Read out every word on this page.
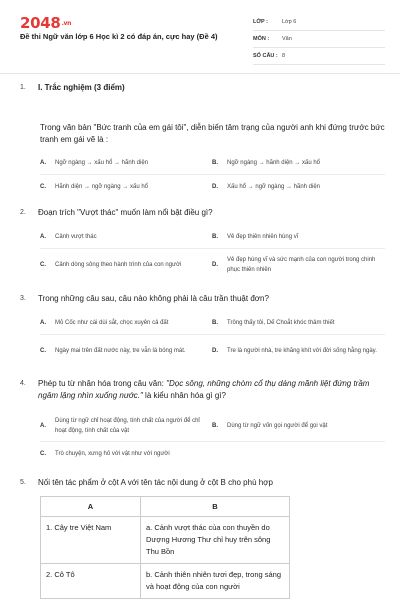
2048.vn
Đề thi Ngữ văn lớp 6 Học kì 2 có đáp án, cực hay (Đề 4)
LỚP :	Lớp 6
MÔN :	Văn
SỐ CÂU : 8
1.	I. Trắc nghiệm (3 điểm)
Trong văn bản "Bức tranh của em gái tôi", diễn biến tâm trạng của người anh khi đứng trước bức tranh em gái vẽ là :
A.	Ngỡ ngàng → xấu hổ → hãnh diện	B.	Ngỡ ngàng → hãnh diện → xấu hổ
C.	Hãnh diện → ngỡ ngàng → xấu hổ	D.	Xấu hổ → ngỡ ngàng → hãnh diện
2.	Đoạn trích "Vượt thác" muốn làm nổi bật điều gì?
A.	Cảnh vượt thác	B.	Vẻ đẹp thiên nhiên hùng vĩ
C.	Cảnh dòng sông theo hành trình của con người	D.
Vẻ đẹp hùng vĩ và sức mạnh của con người trong chinh phục thiên nhiên
3.	Trong những câu sau, câu nào không phải là câu trần thuật đơn?
A.	Mỏ Cốc như cái dùi sắt, chọc xuyên cả đất	B.	Trông thấy tôi, Dế Choắt khóc thảm thiết
C.	Ngày mai trên đất nước này, tre vẫn là bóng mát.	D.	Tre là người nhà, tre khăng khít với đời sống hằng ngày.
4.	Phép tu từ nhân hóa trong câu văn: "Dọc sông, những chòm cổ thụ dáng mãnh liệt đứng trầm ngâm lặng nhìn xuống nước." là kiểu nhân hóa gì gì?
A.
Dùng từ ngữ chỉ hoạt động, tính chất của người để chỉ hoạt động, tính chất của vật
B.	Dùng từ ngữ vốn gọi người để gọi vật
C.	Trò chuyện, xưng hô với vật như với người
5.	Nối tên tác phẩm ở cột A với tên tác nội dung ở cột B cho phù hợp
A	B
1. Cây tre Việt Nam	a. Cảnh vượt thác của con thuyền do Dượng Hương Thư chỉ huy trên sông Thu Bồn
2. Cô Tô	b. Cảnh thiên nhiên tươi đẹp, trong sáng và hoạt động của con người
